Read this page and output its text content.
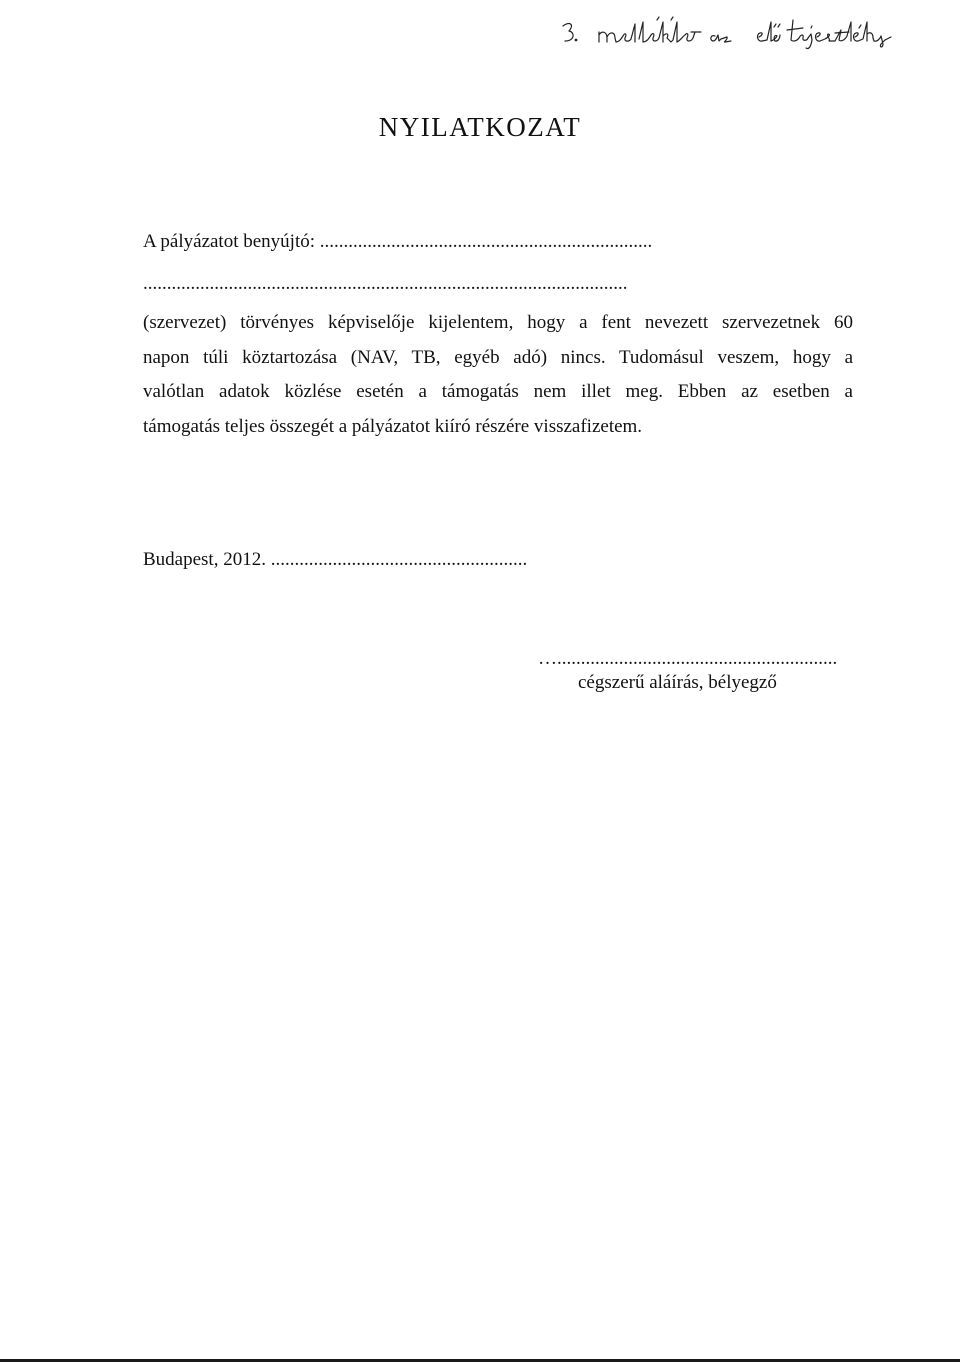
NYILATKOZAT
A pályázatot benyújtó: ......................................................................
......................................................................................................

(szervezet) törvényes képviselője kijelentem, hogy a fent nevezett szervezetnek 60
napon túli köztartozása (NAV, TB, egyéb adó) nincs. Tudomásul veszem, hogy a
valótlan adatok közlése esetén a támogatás nem illet meg. Ebben az esetben a
támogatás teljes összegét a pályázatot kiíró részére visszafizetem.

Budapest, 2012. ......................................................
…...........................................................
cégszerű aláírás, bélyegző
